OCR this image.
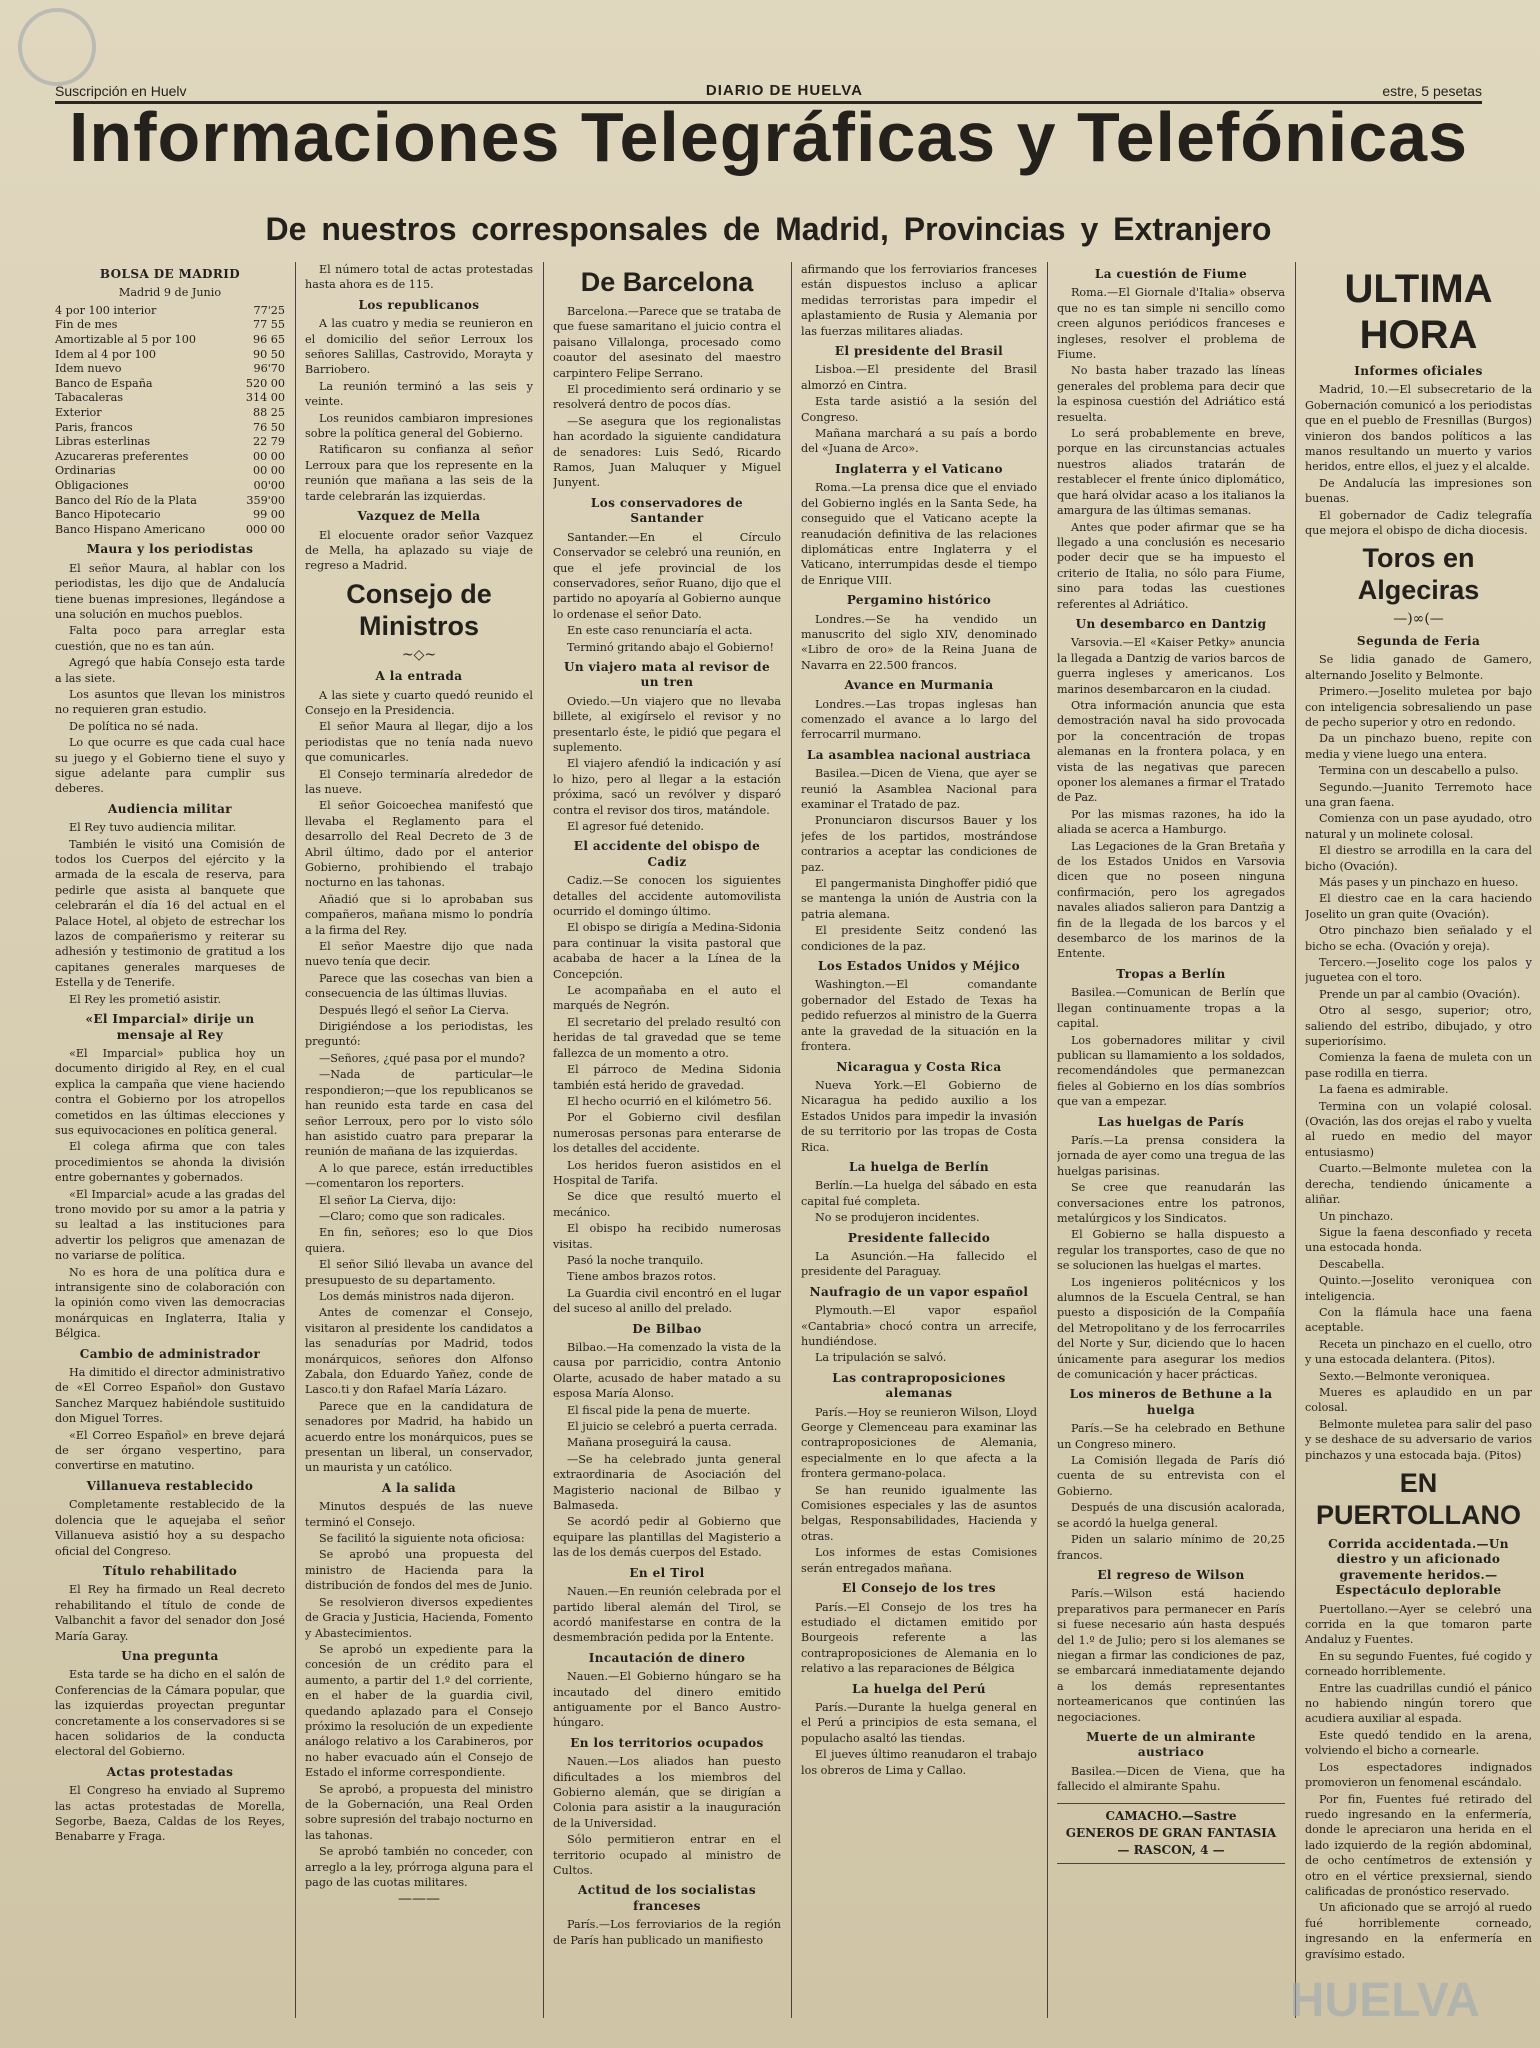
Suscripción en Huelv	DIARIO DE HUELVA	estre, 5 pesetas
Informaciones Telegráficas y Telefónicas
De nuestros corresponsales de Madrid, Provincias y Extranjero
BOLSA DE MADRID
Madrid 9 de Junio
4 por 100 interior	77'25
Fin de mes	77 55
Amortizable al 5 por 100	96 65
Idem al 4 por 100	90 50
Idem nuevo	96'70
Banco de España	520 00
Tabacaleras	314 00
Exterior	88 25
Paris, francos	76 50
Libras esterlinas	22 79
Azucareras preferentes	00 00
Ordinarias	00 00
Obligaciones	00'00
Banco del Río de la Plata	359'00
Banco Hipotecario	99 00
Banco Hispano Americano	000 00
Maura y los periodistas

El señor Maura, al hablar con los periodistas, les dijo que de Andalucía tiene buenas impresiones, llegándose a una solución en muchos pueblos.

Falta poco para arreglar esta cuestión, que no es tan aún.

Agregó que había Consejo esta tarde a las siete.

Los asuntos que llevan los ministros no requieren gran estudio.

De política no sé nada.

Lo que ocurre es que cada cual hace su juego y el Gobierno tiene el suyo y sigue adelante para cumplir sus deberes.

Audiencia militar

El Rey tuvo audiencia militar.

También le visitó una Comisión de todos los Cuerpos del ejército y la armada de la escala de reserva, para pedirle que asista al banquete que celebrarán el día 16 del actual en el Palace Hotel, al objeto de estrechar los lazos de compañerismo y reiterar su adhesión y testimonio de gratitud a los capitanes generales marqueses de Estella y de Tenerife.

El Rey les prometió asistir.

«El Imparcial» dirije un mensaje al Rey

«El Imparcial» publica hoy un documento dirigido al Rey, en el cual explica la campaña que viene haciendo contra el Gobierno por los atropellos cometidos en las últimas elecciones y sus equivocaciones en política general.

El colega afirma que con tales procedimientos se ahonda la división entre gobernantes y gobernados.

«El Imparcial» acude a las gradas del trono movido por su amor a la patria y su lealtad a las instituciones para advertir los peligros que amenazan de no variarse de política.

No es hora de una política dura e intransigente sino de colaboración con la opinión como viven las democracias monárquicas en Inglaterra, Italia y Bélgica.

Cambio de administrador

Ha dimitido el director administrativo de «El Correo Español» don Gustavo Sanchez Marquez habiéndole sustituido don Miguel Torres.

«El Correo Español» en breve dejará de ser órgano vespertino, para convertirse en matutino.

Villanueva restablecido

Completamente restablecido de la dolencia que le aquejaba el señor Villanueva asistió hoy a su despacho oficial del Congreso.

Título rehabilitado

El Rey ha firmado un Real decreto rehabilitando el título de conde de Valbanchit a favor del senador don José María Garay.

Una pregunta

Esta tarde se ha dicho en el salón de Conferencias de la Cámara popular, que las izquierdas proyectan preguntar concretamente a los conservadores si se hacen solidarios de la conducta electoral del Gobierno.

Actas protestadas

El Congreso ha enviado al Supremo las actas protestadas de Morella, Segorbe, Baeza, Caldas de los Reyes, Benabarre y Fraga.

El número total de actas protestadas hasta ahora es de 115.

Los republicanos

A las cuatro y media se reunieron en el domicilio del señor Lerroux los señores Salillas, Castrovido, Morayta y Barriobero.

La reunión terminó a las seis y veinte.

Los reunidos cambiaron impresiones sobre la política general del Gobierno.

Ratificaron su confianza al señor Lerroux para que los represente en la reunión que mañana a las seis de la tarde celebrarán las izquierdas.

Vazquez de Mella

El elocuente orador señor Vazquez de Mella, ha aplazado su viaje de regreso a Madrid.

Consejo de Ministros
~◇~
A la entrada

A las siete y cuarto quedó reunido el Consejo en la Presidencia.

El señor Maura al llegar, dijo a los periodistas que no tenía nada nuevo que comunicarles.

El Consejo terminaría alrededor de las nueve.

El señor Goicoechea manifestó que llevaba el Reglamento para el desarrollo del Real Decreto de 3 de Abril último, dado por el anterior Gobierno, prohibiendo el trabajo nocturno en las tahonas.

Añadió que si lo aprobaban sus compañeros, mañana mismo lo pondría a la firma del Rey.

El señor Maestre dijo que nada nuevo tenía que decir.

Parece que las cosechas van bien a consecuencia de las últimas lluvias.

Después llegó el señor La Cierva.

Dirigiéndose a los periodistas, les preguntó:

—Señores, ¿qué pasa por el mundo?

—Nada de particular—le respondieron;—que los republicanos se han reunido esta tarde en casa del señor Lerroux, pero por lo visto sólo han asistido cuatro para preparar la reunión de mañana de las izquierdas.

A lo que parece, están irreductibles —comentaron los reporters.

El señor La Cierva, dijo:

—Claro; como que son radicales.

En fin, señores; eso lo que Dios quiera.

El señor Silió llevaba un avance del presupuesto de su departamento.

Los demás ministros nada dijeron.

Antes de comenzar el Consejo, visitaron al presidente los candidatos a las senadurías por Madrid, todos monárquicos, señores don Alfonso Zabala, don Eduardo Yañez, conde de Lasco.ti y don Rafael María Lázaro.

Parece que en la candidatura de senadores por Madrid, ha habido un acuerdo entre los monárquicos, pues se presentan un liberal, un conservador, un maurista y un católico.

A la salida

Minutos después de las nueve terminó el Consejo.

Se facilitó la siguiente nota oficiosa:

Se aprobó una propuesta del ministro de Hacienda para la distribución de fondos del mes de Junio.

Se resolvieron diversos expedientes de Gracia y Justicia, Hacienda, Fomento y Abastecimientos.

Se aprobó un expediente para la concesión de un crédito para el aumento, a partir del 1.º del corriente, en el haber de la guardia civil, quedando aplazado para el Consejo próximo la resolución de un expediente análogo relativo a los Carabineros, por no haber evacuado aún el Consejo de Estado el informe correspondiente.

Se aprobó, a propuesta del ministro de la Gobernación, una Real Orden sobre supresión del trabajo nocturno en las tahonas.

Se aprobó también no conceder, con arreglo a la ley, prórroga alguna para el pago de las cuotas militares.

———
De Barcelona

Barcelona.—Parece que se trataba de que fuese samaritano el juicio contra el paisano Villalonga, procesado como coautor del asesinato del maestro carpintero Felipe Serrano.

El procedimiento será ordinario y se resolverá dentro de pocos días.

—Se asegura que los regionalistas han acordado la siguiente candidatura de senadores: Luis Sedó, Ricardo Ramos, Juan Maluquer y Miguel Junyent.

Los conservadores de Santander

Santander.—En el Círculo Conservador se celebró una reunión, en que el jefe provincial de los conservadores, señor Ruano, dijo que el partido no apoyaría al Gobierno aunque lo ordenase el señor Dato.

En este caso renunciaría el acta.

Terminó gritando abajo el Gobierno!

Un viajero mata al revisor de un tren

Oviedo.—Un viajero que no llevaba billete, al exigírselo el revisor y no presentarlo éste, le pidió que pegara el suplemento.

El viajero afendió la indicación y así lo hizo, pero al llegar a la estación próxima, sacó un revólver y disparó contra el revisor dos tiros, matándole.

El agresor fué detenido.

El accidente del obispo de Cadiz

Cadiz.—Se conocen los siguientes detalles del accidente automovilista ocurrido el domingo último.

El obispo se dirigía a Medina-Sidonia para continuar la visita pastoral que acababa de hacer a la Línea de la Concepción.

Le acompañaba en el auto el marqués de Negrón.

El secretario del prelado resultó con heridas de tal gravedad que se teme fallezca de un momento a otro.

El párroco de Medina Sidonia también está herido de gravedad.

El hecho ocurrió en el kilómetro 56.

Por el Gobierno civil desfilan numerosas personas para enterarse de los detalles del accidente.

Los heridos fueron asistidos en el Hospital de Tarifa.

Se dice que resultó muerto el mecánico.

El obispo ha recibido numerosas visitas.

Pasó la noche tranquilo.

Tiene ambos brazos rotos.

La Guardia civil encontró en el lugar del suceso al anillo del prelado.

De Bilbao

Bilbao.—Ha comenzado la vista de la causa por parricidio, contra Antonio Olarte, acusado de haber matado a su esposa María Alonso.

El fiscal pide la pena de muerte.

El juicio se celebró a puerta cerrada.

Mañana proseguirá la causa.

—Se ha celebrado junta general extraordinaria de Asociación del Magisterio nacional de Bilbao y Balmaseda.

Se acordó pedir al Gobierno que equipare las plantillas del Magisterio a las de los demás cuerpos del Estado.

En el Tirol

Nauen.—En reunión celebrada por el partido liberal alemán del Tirol, se acordó manifestarse en contra de la desmembración pedida por la Entente.

Incautación de dinero

Nauen.—El Gobierno húngaro se ha incautado del dinero emitido antiguamente por el Banco Austro-húngaro.

En los territorios ocupados

Nauen.—Los aliados han puesto dificultades a los miembros del Gobierno alemán, que se dirigían a Colonia para asistir a la inauguración de la Universidad.

Sólo permitieron entrar en el territorio ocupado al ministro de Cultos.

Actitud de los socialistas franceses

París.—Los ferroviarios de la región de París han publicado un manifiesto

afirmando que los ferroviarios franceses están dispuestos incluso a aplicar medidas terroristas para impedir el aplastamiento de Rusia y Alemania por las fuerzas militares aliadas.

El presidente del Brasil

Lisboa.—El presidente del Brasil almorzó en Cintra.

Esta tarde asistió a la sesión del Congreso.

Mañana marchará a su país a bordo del «Juana de Arco».

Inglaterra y el Vaticano

Roma.—La prensa dice que el enviado del Gobierno inglés en la Santa Sede, ha conseguido que el Vaticano acepte la reanudación definitiva de las relaciones diplomáticas entre Inglaterra y el Vaticano, interrumpidas desde el tiempo de Enrique VIII.

Pergamino histórico

Londres.—Se ha vendido un manuscrito del siglo XIV, denominado «Libro de oro» de la Reina Juana de Navarra en 22.500 francos.

Avance en Murmania

Londres.—Las tropas inglesas han comenzado el avance a lo largo del ferrocarril murmano.

La asamblea nacional austriaca

Basilea.—Dicen de Viena, que ayer se reunió la Asamblea Nacional para examinar el Tratado de paz.

Pronunciaron discursos Bauer y los jefes de los partidos, mostrándose contrarios a aceptar las condiciones de paz.

El pangermanista Dinghoffer pidió que se mantenga la unión de Austria con la patria alemana.

El presidente Seitz condenó las condiciones de la paz.

Los Estados Unidos y Méjico

Washington.—El comandante gobernador del Estado de Texas ha pedido refuerzos al ministro de la Guerra ante la gravedad de la situación en la frontera.

Nicaragua y Costa Rica

Nueva York.—El Gobierno de Nicaragua ha pedido auxilio a los Estados Unidos para impedir la invasión de su territorio por las tropas de Costa Rica.

La huelga de Berlín

Berlín.—La huelga del sábado en esta capital fué completa.

No se produjeron incidentes.

Presidente fallecido

La Asunción.—Ha fallecido el presidente del Paraguay.

Naufragio de un vapor español

Plymouth.—El vapor español «Cantabria» chocó contra un arrecife, hundiéndose.

La tripulación se salvó.

Las contraproposiciones alemanas

París.—Hoy se reunieron Wilson, Lloyd George y Clemenceau para examinar las contraproposiciones de Alemania, especialmente en lo que afecta a la frontera germano-polaca.

Se han reunido igualmente las Comisiones especiales y las de asuntos belgas, Responsabilidades, Hacienda y otras.

Los informes de estas Comisiones serán entregados mañana.

El Consejo de los tres

París.—El Consejo de los tres ha estudiado el dictamen emitido por Bourgeois referente a las contraproposiciones de Alemania en lo relativo a las reparaciones de Bélgica

La huelga del Perú

París.—Durante la huelga general en el Perú a principios de esta semana, el populacho asaltó las tiendas.

El jueves último reanudaron el trabajo los obreros de Lima y Callao.

La cuestión de Fiume

Roma.—El Giornale d'Italia» observa que no es tan simple ni sencillo como creen algunos periódicos franceses e ingleses, resolver el problema de Fiume.

No basta haber trazado las líneas generales del problema para decir que la espinosa cuestión del Adriático está resuelta.

Lo será probablemente en breve, porque en las circunstancias actuales nuestros aliados tratarán de restablecer el frente único diplomático, que hará olvidar acaso a los italianos la amargura de las últimas semanas.

Antes que poder afirmar que se ha llegado a una conclusión es necesario poder decir que se ha impuesto el criterio de Italia, no sólo para Fiume, sino para todas las cuestiones referentes al Adriático.

Un desembarco en Dantzig

Varsovia.—El «Kaiser Petky» anuncia la llegada a Dantzig de varios barcos de guerra ingleses y americanos. Los marinos desembarcaron en la ciudad.

Otra información anuncia que esta demostración naval ha sido provocada por la concentración de tropas alemanas en la frontera polaca, y en vista de las negativas que parecen oponer los alemanes a firmar el Tratado de Paz.

Por las mismas razones, ha ido la aliada se acerca a Hamburgo.

Las Legaciones de la Gran Bretaña y de los Estados Unidos en Varsovia dicen que no poseen ninguna confirmación, pero los agregados navales aliados salieron para Dantzig a fin de la llegada de los barcos y el desembarco de los marinos de la Entente.

Tropas a Berlín

Basilea.—Comunican de Berlín que llegan continuamente tropas a la capital.

Los gobernadores militar y civil publican su llamamiento a los soldados, recomendándoles que permanezcan fieles al Gobierno en los días sombríos que van a empezar.

Las huelgas de París

París.—La prensa considera la jornada de ayer como una tregua de las huelgas parisinas.

Se cree que reanudarán las conversaciones entre los patronos, metalúrgicos y los Sindicatos.

El Gobierno se halla dispuesto a regular los transportes, caso de que no se solucionen las huelgas el martes.

Los ingenieros politécnicos y los alumnos de la Escuela Central, se han puesto a disposición de la Compañía del Metropolitano y de los ferrocarriles del Norte y Sur, diciendo que lo hacen únicamente para asegurar los medios de comunicación y hacer prácticas.

Los mineros de Bethune a la huelga

París.—Se ha celebrado en Bethune un Congreso minero.

La Comisión llegada de París dió cuenta de su entrevista con el Gobierno.

Después de una discusión acalorada, se acordó la huelga general.

Piden un salario mínimo de 20,25 francos.

El regreso de Wilson

París.—Wilson está haciendo preparativos para permanecer en París si fuese necesario aún hasta después del 1.º de Julio; pero si los alemanes se niegan a firmar las condiciones de paz, se embarcará inmediatamente dejando a los demás representantes norteamericanos que continúen las negociaciones.

Muerte de un almirante austriaco

Basilea.—Dicen de Viena, que ha fallecido el almirante Spahu.

CAMACHO.—Sastre
GENEROS DE GRAN FANTASIA
— RASCON, 4 —
ULTIMA HORA
Informes oficiales

Madrid, 10.—El subsecretario de la Gobernación comunicó a los periodistas que en el pueblo de Fresnillas (Burgos) vinieron dos bandos políticos a las manos resultando un muerto y varios heridos, entre ellos, el juez y el alcalde.

De Andalucía las impresiones son buenas.

El gobernador de Cadiz telegrafía que mejora el obispo de dicha diocesis.

Toros en Algeciras
—)∞(—
Segunda de Feria

Se lidia ganado de Gamero, alternando Joselito y Belmonte.

Primero.—Joselito muletea por bajo con inteligencia sobresaliendo un pase de pecho superior y otro en redondo.

Da un pinchazo bueno, repite con media y viene luego una entera.

Termina con un descabello a pulso.

Segundo.—Juanito Terremoto hace una gran faena.

Comienza con un pase ayudado, otro natural y un molinete colosal.

El diestro se arrodilla en la cara del bicho (Ovación).

Más pases y un pinchazo en hueso.

El diestro cae en la cara haciendo Joselito un gran quite (Ovación).

Otro pinchazo bien señalado y el bicho se echa. (Ovación y oreja).

Tercero.—Joselito coge los palos y juguetea con el toro.

Prende un par al cambio (Ovación).

Otro al sesgo, superior; otro, saliendo del estribo, dibujado, y otro superiorísimo.

Comienza la faena de muleta con un pase rodilla en tierra.

La faena es admirable.

Termina con un volapié colosal. (Ovación, las dos orejas el rabo y vuelta al ruedo en medio del mayor entusiasmo)

Cuarto.—Belmonte muletea con la derecha, tendiendo únicamente a aliñar.

Un pinchazo.

Sigue la faena desconfiado y receta una estocada honda.

Descabella.

Quinto.—Joselito veroniquea con inteligencia.

Con la flámula hace una faena aceptable.

Receta un pinchazo en el cuello, otro y una estocada delantera. (Pitos).

Sexto.—Belmonte veroniquea.

Mueres es aplaudido en un par colosal.

Belmonte muletea para salir del paso y se deshace de su adversario de varios pinchazos y una estocada baja. (Pitos)

EN PUERTOLLANO
Corrida accidentada.—Un diestro y un aficionado gravemente heridos.—Espectáculo deplorable

Puertollano.—Ayer se celebró una corrida en la que tomaron parte Andaluz y Fuentes.

En su segundo Fuentes, fué cogido y corneado horriblemente.

Entre las cuadrillas cundió el pánico no habiendo ningún torero que acudiera auxiliar al espada.

Este quedó tendido en la arena, volviendo el bicho a cornearle.

Los espectadores indignados promovieron un fenomenal escándalo.

Por fin, Fuentes fué retirado del ruedo ingresando en la enfermería, donde le apreciaron una herida en el lado izquierdo de la región abdominal, de ocho centímetros de extensión y otro en el vértice prexsiernal, siendo calificadas de pronóstico reservado.

Un aficionado que se arrojó al ruedo fué horriblemente corneado, ingresando en la enfermería en gravísimo estado.

HUELVA
